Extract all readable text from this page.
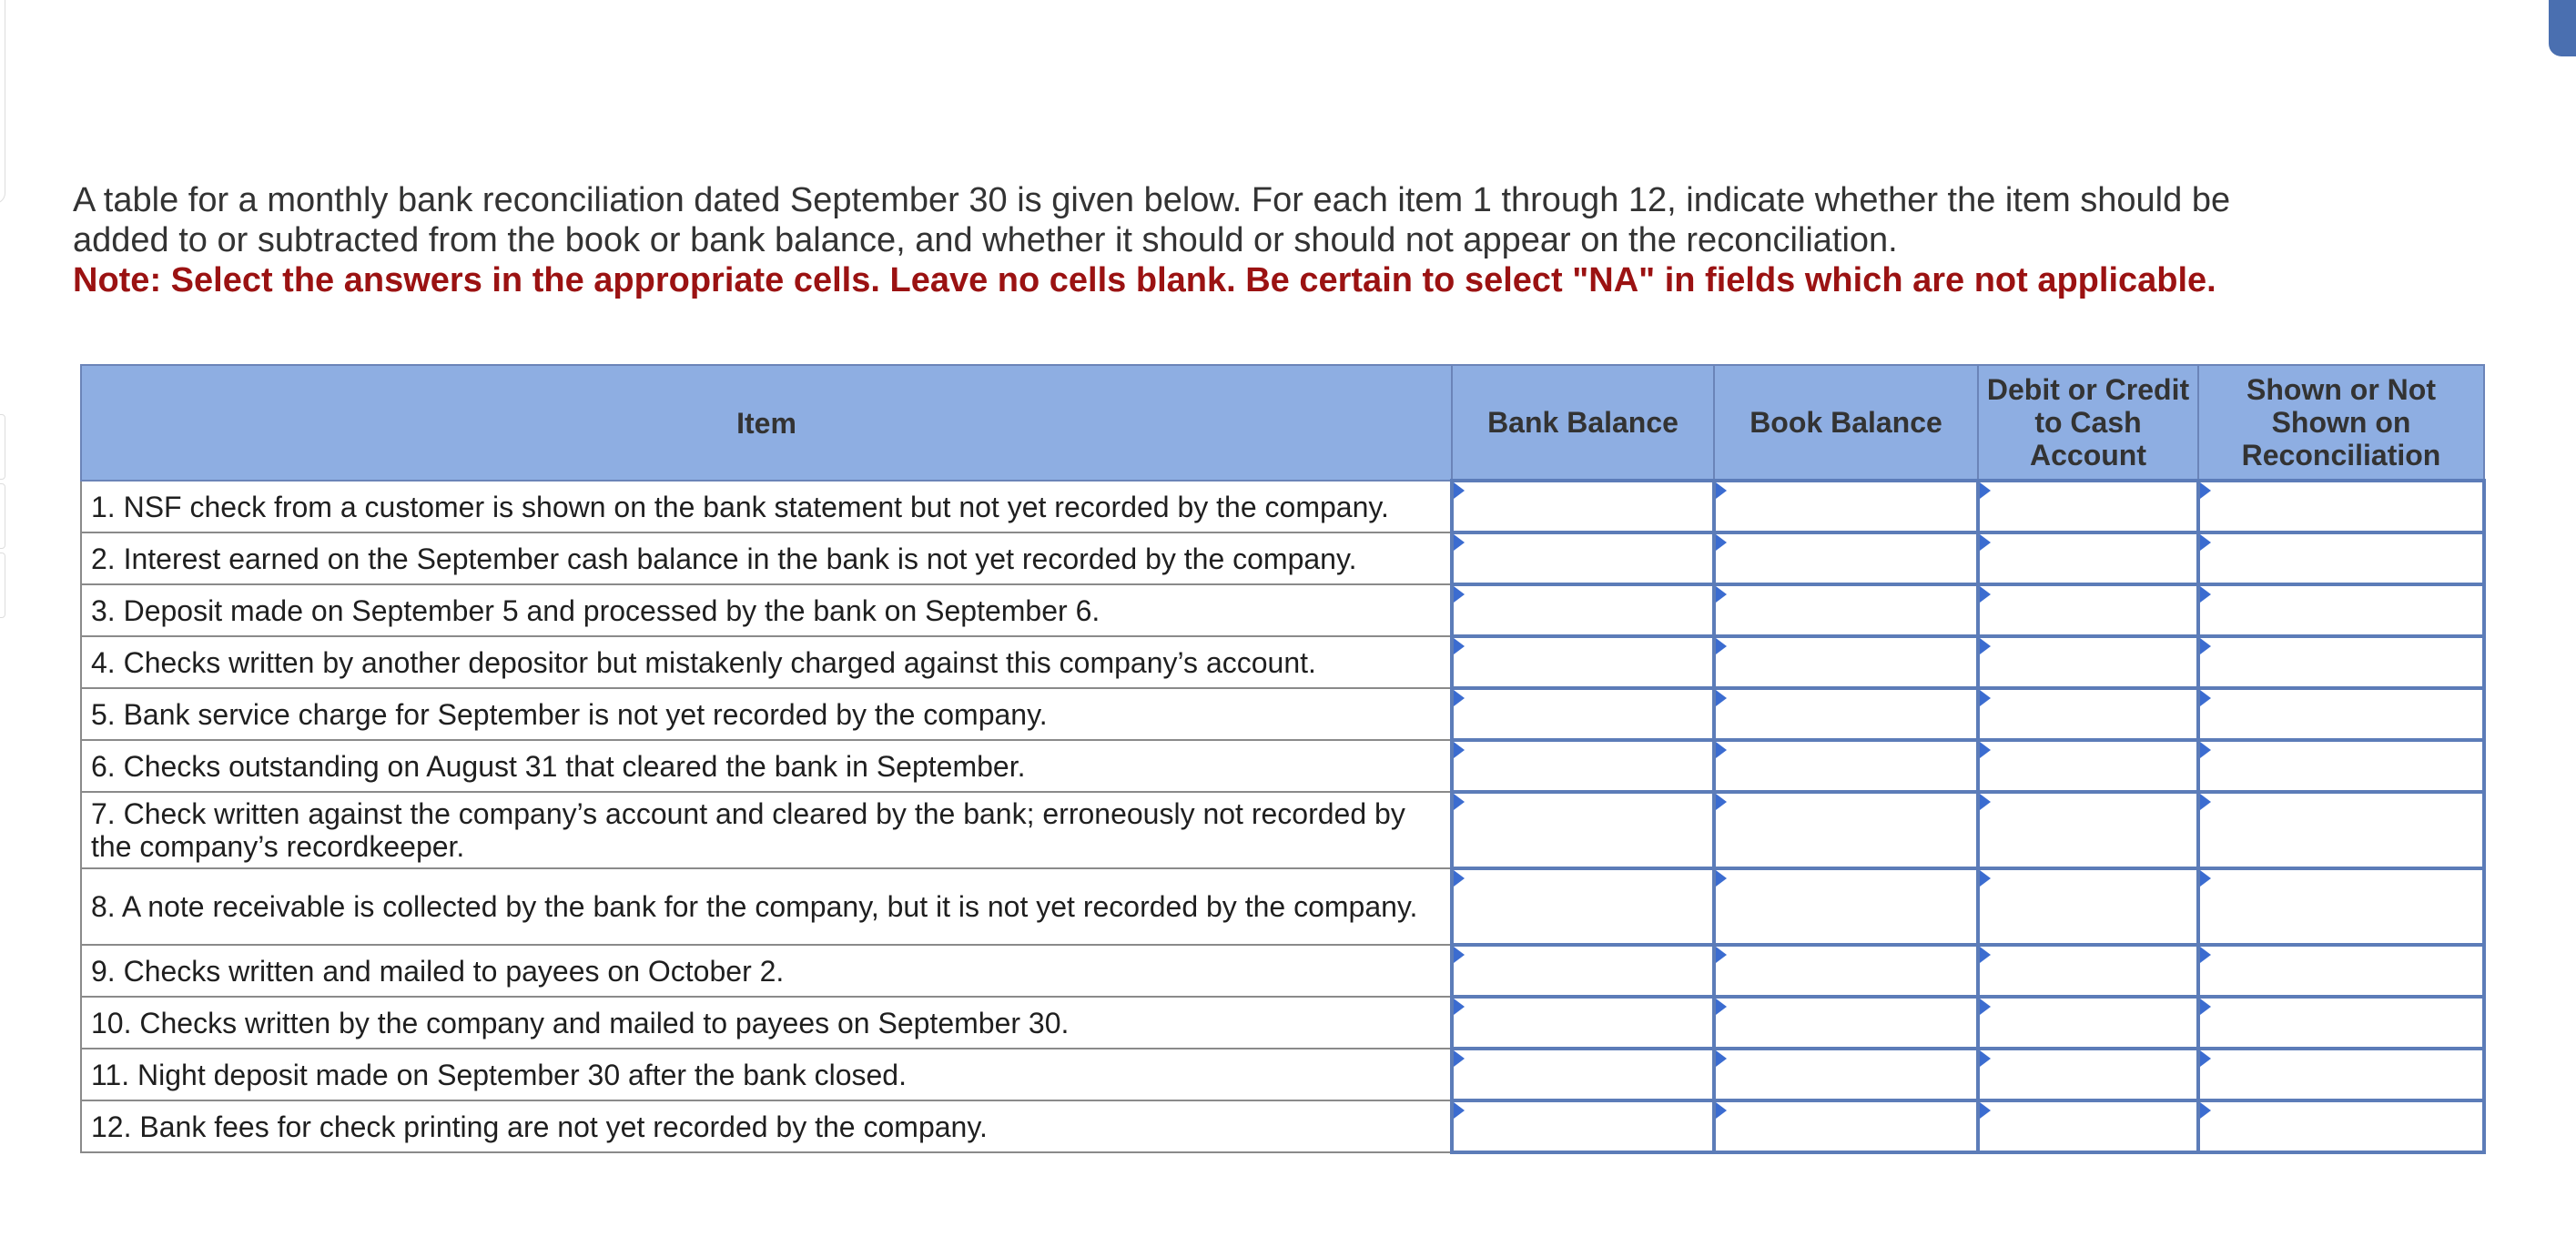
A table for a monthly bank reconciliation dated September 30 is given below. For each item 1 through 12, indicate whether the item should be added to or subtracted from the book or bank balance, and whether it should or should not appear on the reconciliation.
Note: Select the answers in the appropriate cells. Leave no cells blank. Be certain to select "NA" in fields which are not applicable.
Item	Bank Balance	Book Balance	Debit or Credit to Cash Account	Shown or Not Shown on Reconciliation
1. NSF check from a customer is shown on the bank statement but not yet recorded by the company.				
2. Interest earned on the September cash balance in the bank is not yet recorded by the company.				
3. Deposit made on September 5 and processed by the bank on September 6.				
4. Checks written by another depositor but mistakenly charged against this company’s account.				
5. Bank service charge for September is not yet recorded by the company.				
6. Checks outstanding on August 31 that cleared the bank in September.				
7. Check written against the company’s account and cleared by the bank; erroneously not recorded by the company’s recordkeeper.				
8. A note receivable is collected by the bank for the company, but it is not yet recorded by the company.				
9. Checks written and mailed to payees on October 2.				
10. Checks written by the company and mailed to payees on September 30.				
11. Night deposit made on September 30 after the bank closed.				
12. Bank fees for check printing are not yet recorded by the company.				
